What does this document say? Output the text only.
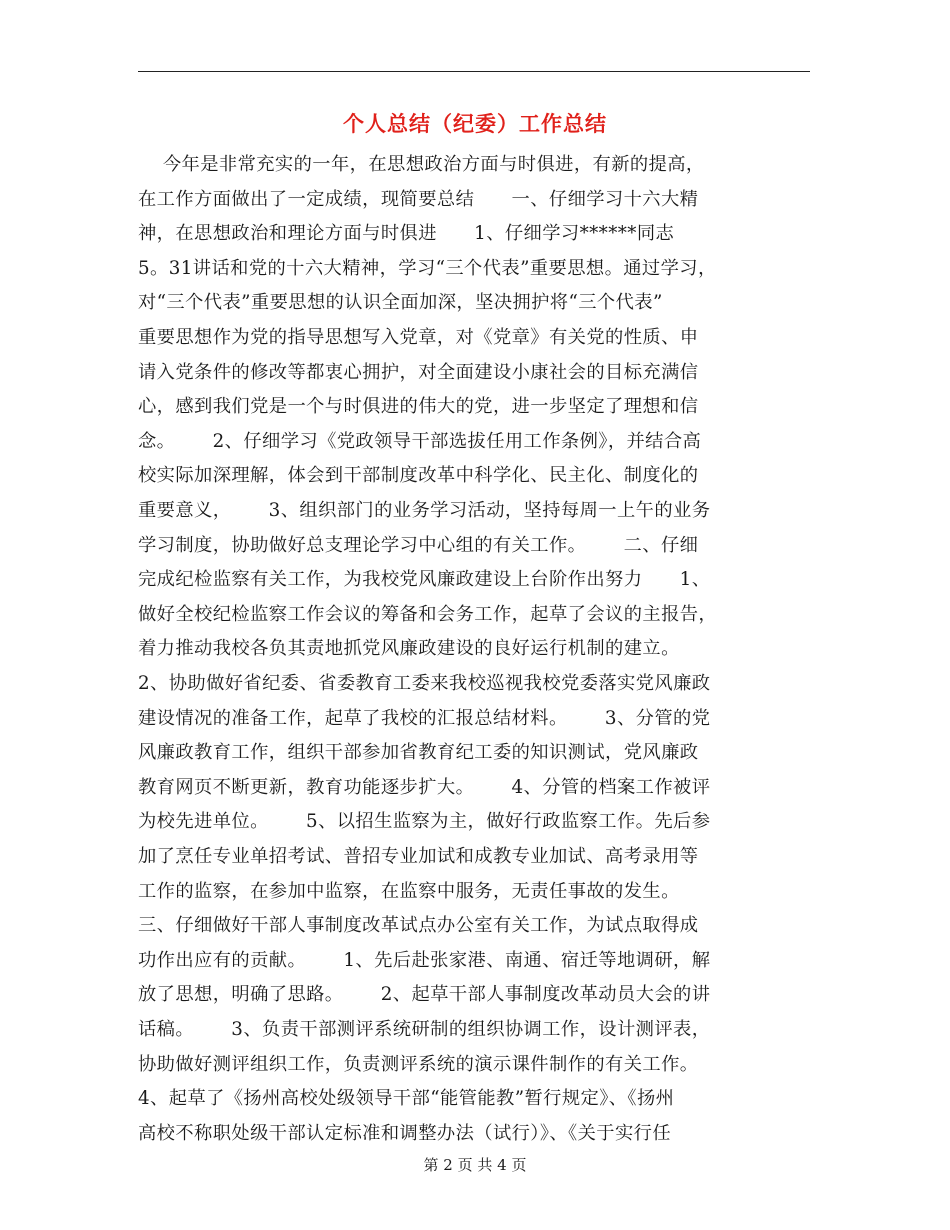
个人总结（纪委）工作总结
今年是非常充实的一年，在思想政治方面与时俱进，有新的提高，
在工作方面做出了一定成绩，现简要总结      一、仔细学习十六大精
神，在思想政治和理论方面与时俱进      1、仔细学习******同志
5。31讲话和党的十六大精神，学习“三个代表”重要思想。通过学习，
对“三个代表”重要思想的认识全面加深，坚决拥护将“三个代表”
重要思想作为党的指导思想写入党章，对《党章》有关党的性质、申
请入党条件的修改等都衷心拥护，对全面建设小康社会的目标充满信
心，感到我们党是一个与时俱进的伟大的党，进一步坚定了理想和信
念。      2、仔细学习《党政领导干部选拔任用工作条例》，并结合高
校实际加深理解，体会到干部制度改革中科学化、民主化、制度化的
重要意义，      3、组织部门的业务学习活动，坚持每周一上午的业务
学习制度，协助做好总支理论学习中心组的有关工作。      二、仔细
完成纪检监察有关工作，为我校党风廉政建设上台阶作出努力      1、
做好全校纪检监察工作会议的筹备和会务工作，起草了会议的主报告，
着力推动我校各负其责地抓党风廉政建设的良好运行机制的建立。
2、协助做好省纪委、省委教育工委来我校巡视我校党委落实党风廉政
建设情况的准备工作，起草了我校的汇报总结材料。      3、分管的党
风廉政教育工作，组织干部参加省教育纪工委的知识测试，党风廉政
教育网页不断更新，教育功能逐步扩大。      4、分管的档案工作被评
为校先进单位。      5、以招生监察为主，做好行政监察工作。先后参
加了烹任专业单招考试、普招专业加试和成教专业加试、高考录用等
工作的监察，在参加中监察，在监察中服务，无责任事故的发生。
三、仔细做好干部人事制度改革试点办公室有关工作，为试点取得成
功作出应有的贡献。      1、先后赴张家港、南通、宿迁等地调研，解
放了思想，明确了思路。      2、起草干部人事制度改革动员大会的讲
话稿。      3、负责干部测评系统研制的组织协调工作，设计测评表，
协助做好测评组织工作，负责测评系统的演示课件制作的有关工作。
4、起草了《扬州高校处级领导干部“能管能教”暂行规定》、《扬州
高校不称职处级干部认定标准和调整办法（试行）》、《关于实行任
第 2 页 共 4 页
